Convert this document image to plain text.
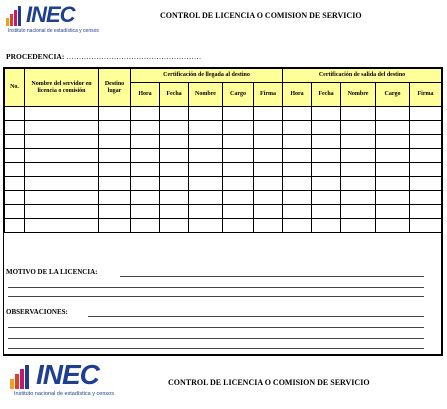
INEC
Instituto nacional de estadística y censos
CONTROL DE LICENCIA O COMISION DE SERVICIO
PROCEDENCIA: ………………………………………………
No.	Nombre del servidor en licencia o comisión	Destino lugar	Certificación de llegada al destino					Certificación de salida del destino				
			Hora	Fecha	Nombre	Cargo	Firma	Hora	Fecha	Nombre	Cargo	Firma

MOTIVO DE LA LICENCIA:
OBSERVACIONES:
INEC
Instituto nacional de estadística y censos
CONTROL DE LICENCIA O COMISION DE SERVICIO
